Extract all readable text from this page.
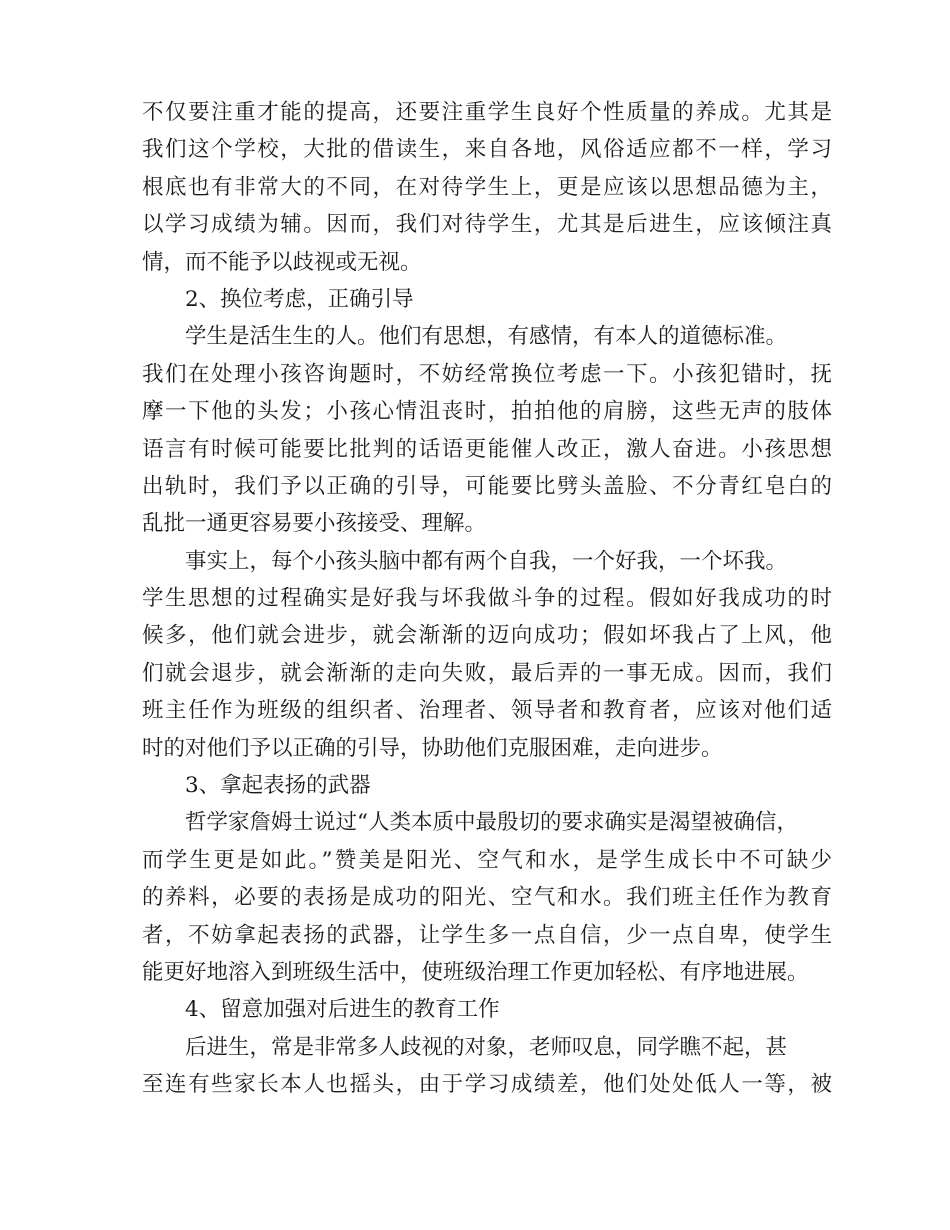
不仅要注重才能的提高，还要注重学生良好个性质量的养成。尤其是
我们这个学校，大批的借读生，来自各地，风俗适应都不一样，学习
根底也有非常大的不同，在对待学生上，更是应该以思想品德为主，
以学习成绩为辅。因而，我们对待学生，尤其是后进生，应该倾注真
情，而不能予以歧视或无视。
2、换位考虑，正确引导
学生是活生生的人。他们有思想，有感情，有本人的道德标准。
我们在处理小孩咨询题时，不妨经常换位考虑一下。小孩犯错时，抚
摩一下他的头发；小孩心情沮丧时，拍拍他的肩膀，这些无声的肢体
语言有时候可能要比批判的话语更能催人改正，激人奋进。小孩思想
出轨时，我们予以正确的引导，可能要比劈头盖脸、不分青红皂白的
乱批一通更容易要小孩接受、理解。
事实上，每个小孩头脑中都有两个自我，一个好我，一个坏我。
学生思想的过程确实是好我与坏我做斗争的过程。假如好我成功的时
候多，他们就会进步，就会渐渐的迈向成功；假如坏我占了上风，他
们就会退步，就会渐渐的走向失败，最后弄的一事无成。因而，我们
班主任作为班级的组织者、治理者、领导者和教育者，应该对他们适
时的对他们予以正确的引导，协助他们克服困难，走向进步。
3、拿起表扬的武器
哲学家詹姆士说过“人类本质中最殷切的要求确实是渴望被确信，
而学生更是如此。”赞美是阳光、空气和水，是学生成长中不可缺少
的养料，必要的表扬是成功的阳光、空气和水。我们班主任作为教育
者，不妨拿起表扬的武器，让学生多一点自信，少一点自卑，使学生
能更好地溶入到班级生活中，使班级治理工作更加轻松、有序地进展。
4、留意加强对后进生的教育工作
后进生，常是非常多人歧视的对象，老师叹息，同学瞧不起，甚
至连有些家长本人也摇头，由于学习成绩差，他们处处低人一等，被
